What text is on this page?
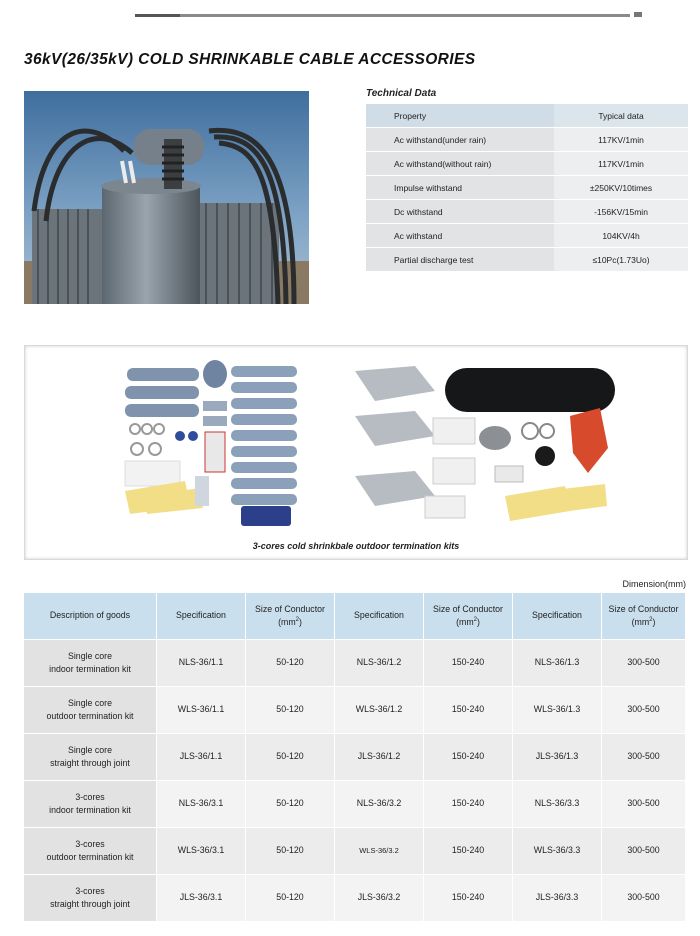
36kV(26/35kV) COLD SHRINKABLE CABLE ACCESSORIES
Technical Data
Property	Typical data
Ac withstand(under rain)	117KV/1min
Ac withstand(without rain)	117KV/1min
Impulse withstand	±250KV/10times
Dc withstand	-156KV/15min
Ac withstand	104KV/4h
Partial discharge test	≤10Pc(1.73Uo)
3-cores cold shrinkbale outdoor termination kits
Dimension(mm)
Description of goods	Specification	Size of Conductor
$(mm^2)$	Specification	Size of Conductor
$(mm^2)$	Specification	Size of Conductor
$(mm^2)$
Single core
indoor termination kit	NLS-36/1.1	50-120	NLS-36/1.2	150-240	NLS-36/1.3	300-500
Single core
outdoor termination kit	WLS-36/1.1	50-120	WLS-36/1.2	150-240	WLS-36/1.3	300-500
Single core
straight through joint	JLS-36/1.1	50-120	JLS-36/1.2	150-240	JLS-36/1.3	300-500
3-cores
indoor termination kit	NLS-36/3.1	50-120	NLS-36/3.2	150-240	NLS-36/3.3	300-500
3-cores
outdoor termination kit	WLS-36/3.1	50-120	WLS-36/3.2	150-240	WLS-36/3.3	300-500
3-cores
straight through joint	JLS-36/3.1	50-120	JLS-36/3.2	150-240	JLS-36/3.3	300-500
